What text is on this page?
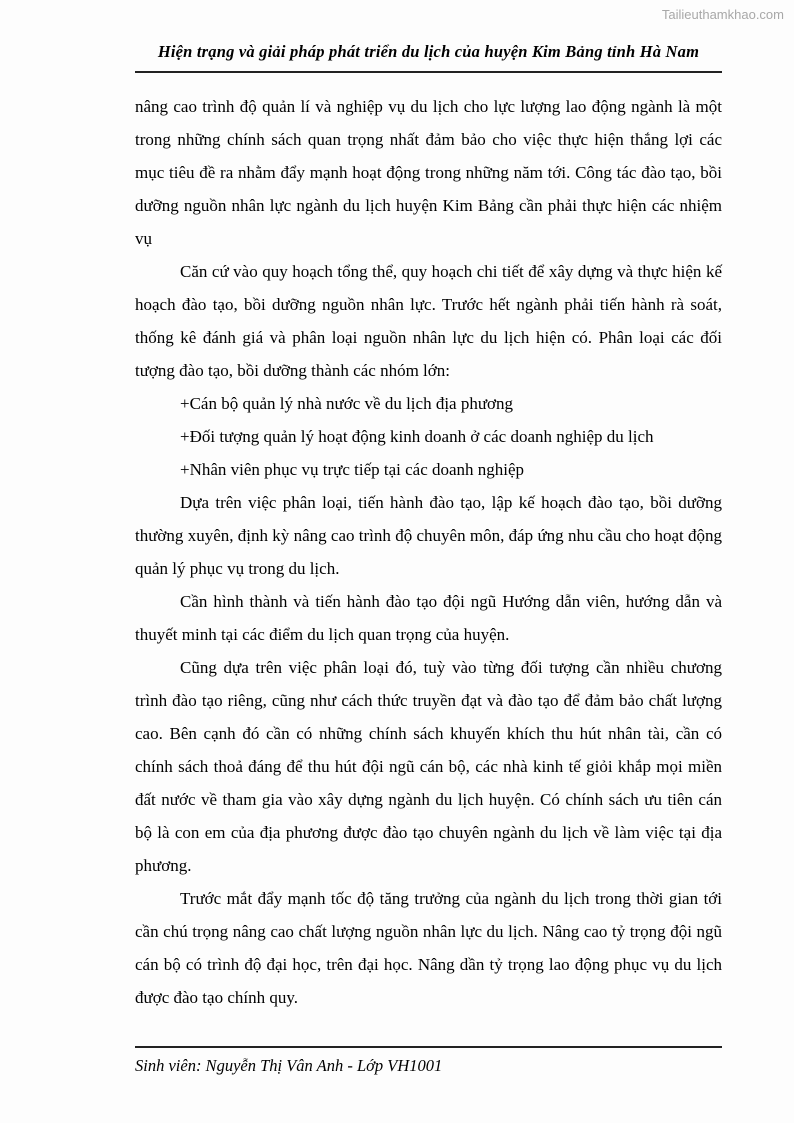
Tailieuthamkhao.com
Hiện trạng và giải pháp phát triển du lịch của huyện Kim Bảng tỉnh Hà Nam

nâng cao trình độ quản lí và nghiệp vụ du lịch cho lực lượng lao động ngành là một trong những chính sách quan trọng nhất đảm bảo cho việc thực hiện thắng lợi các mục tiêu đề ra nhằm đẩy mạnh hoạt động trong những năm tới. Công tác đào tạo, bồi dưỡng nguồn nhân lực ngành du lịch huyện Kim Bảng cần phải thực hiện các nhiệm vụ

Căn cứ vào quy hoạch tổng thể, quy hoạch chi tiết để xây dựng và thực hiện kế hoạch đào tạo, bồi dưỡng nguồn nhân lực. Trước hết ngành phải tiến hành rà soát, thống kê đánh giá và phân loại nguồn nhân lực du lịch hiện có. Phân loại các đối tượng đào tạo, bồi dưỡng thành các nhóm lớn:

+Cán bộ quản lý nhà nước về du lịch địa phương

+Đối tượng quản lý hoạt động kinh doanh ở các doanh nghiệp du lịch

+Nhân viên phục vụ trực tiếp tại các doanh nghiệp

Dựa trên việc phân loại, tiến hành đào tạo, lập kế hoạch đào tạo, bồi dưỡng thường xuyên, định kỳ nâng cao trình độ chuyên môn, đáp ứng nhu cầu cho hoạt động quản lý phục vụ trong du lịch.

Cần hình thành và tiến hành đào tạo đội ngũ Hướng dẫn viên, hướng dẫn và thuyết minh tại các điểm du lịch quan trọng của huyện.

Cũng dựa trên việc phân loại đó, tuỳ vào từng đối tượng cần nhiều chương trình đào tạo riêng, cũng như cách thức truyền đạt và đào tạo để đảm bảo chất lượng cao. Bên cạnh đó cần có những chính sách khuyến khích thu hút nhân tài, cần có chính sách thoả đáng để thu hút đội ngũ cán bộ, các nhà kinh tế giỏi khắp mọi miền đất nước về tham gia vào xây dựng ngành du lịch huyện. Có chính sách ưu tiên cán bộ là con em của địa phương được đào tạo chuyên ngành du lịch về làm việc tại địa phương.

Trước mắt đẩy mạnh tốc độ tăng trưởng của ngành du lịch trong thời gian tới cần chú trọng nâng cao chất lượng nguồn nhân lực du lịch. Nâng cao tỷ trọng đội ngũ cán bộ có trình độ đại học, trên đại học. Nâng dần tỷ trọng lao động phục vụ du lịch được đào tạo chính quy.

Sinh viên: Nguyễn Thị Vân Anh - Lớp VH1001
